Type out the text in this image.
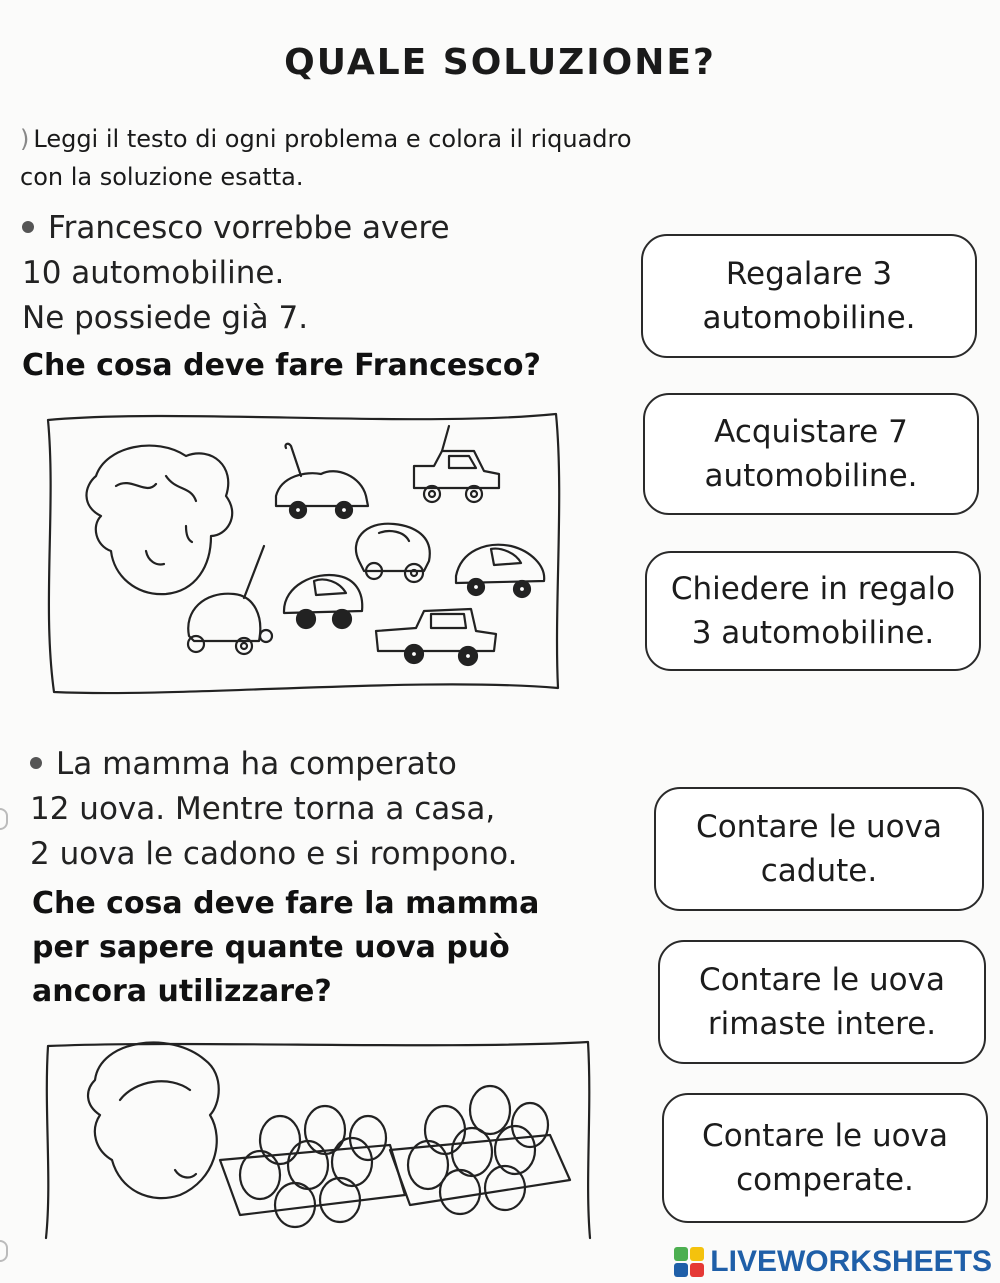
QUALE SOLUZIONE?
) Leggi il testo di ogni problema e colora il riquadro
con la soluzione esatta.
Francesco vorrebbe avere
10 automobiline.
Ne possiede già 7.
Che cosa deve fare Francesco?
Regalare 3
automobiline.
Acquistare 7
automobiline.
Chiedere in regalo
3 automobiline.
La mamma ha comperato
12 uova. Mentre torna a casa,
2 uova le cadono e si rompono.
Che cosa deve fare la mamma
per sapere quante uova può
ancora utilizzare?
Contare le uova
cadute.
Contare le uova
rimaste intere.
Contare le uova
comperate.
LIVEWORKSHEETS
